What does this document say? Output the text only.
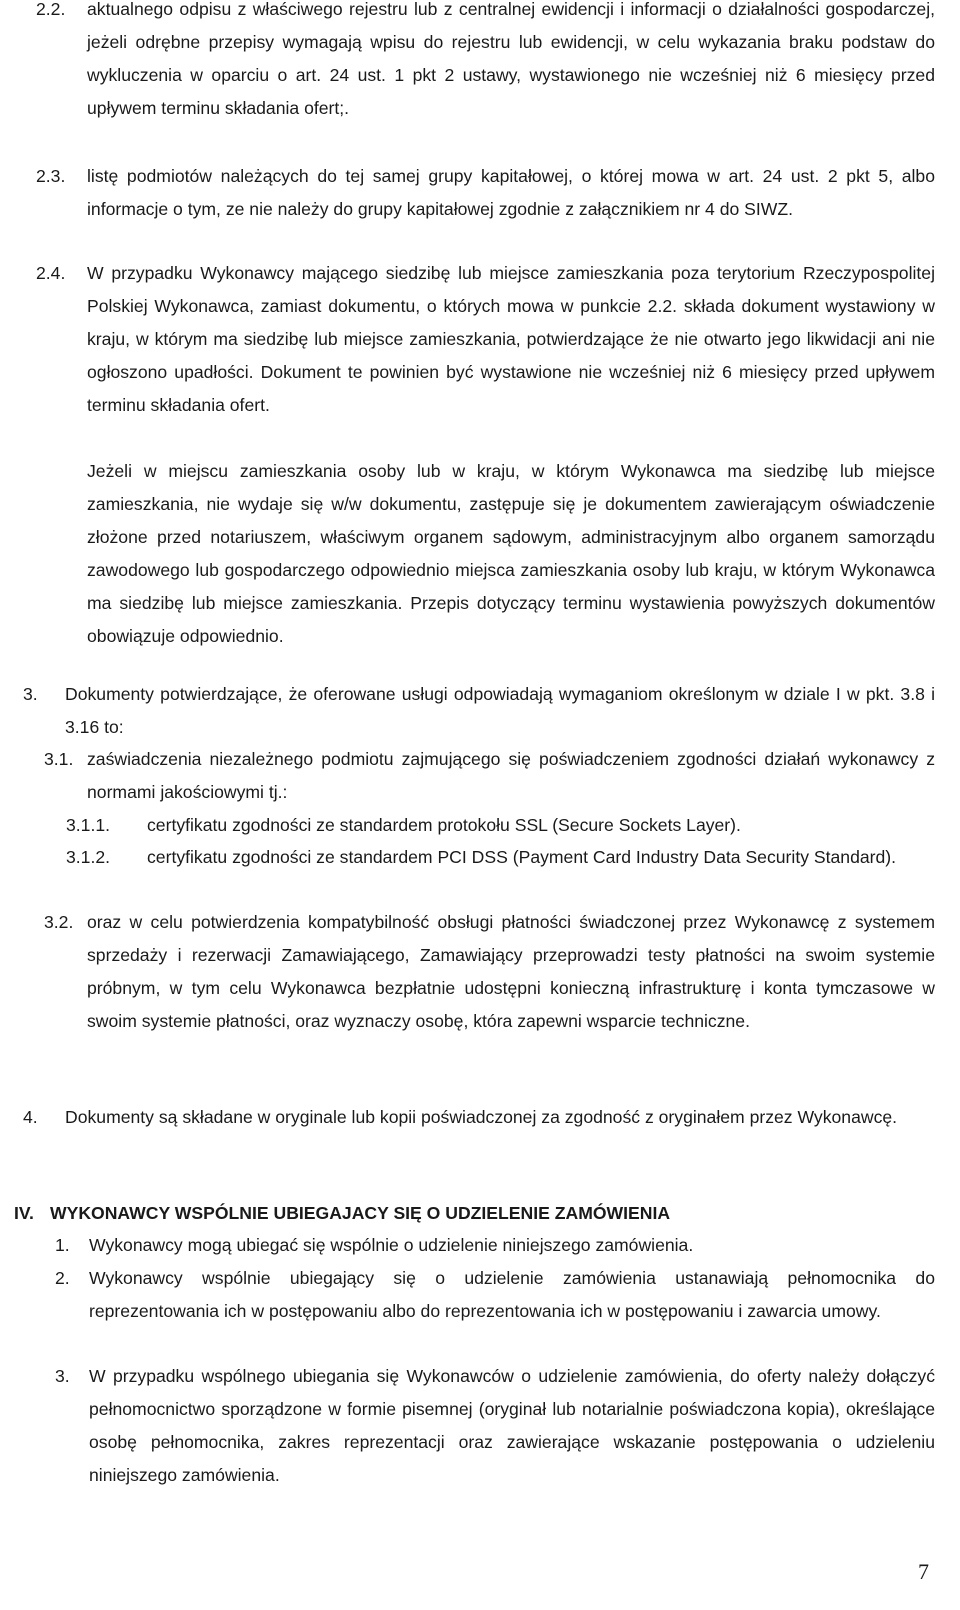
2.2. aktualnego odpisu z właściwego rejestru lub z centralnej ewidencji i informacji o działalności gospodarczej, jeżeli odrębne przepisy wymagają wpisu do rejestru lub ewidencji, w celu wykazania braku podstaw do wykluczenia w oparciu o art. 24 ust. 1 pkt 2 ustawy, wystawionego nie wcześniej niż 6 miesięcy przed upływem terminu składania ofert;.
2.3. listę podmiotów należących do tej samej grupy kapitałowej, o której mowa w art. 24 ust. 2 pkt 5, albo informacje o tym, ze nie należy do grupy kapitałowej zgodnie z załącznikiem nr 4 do SIWZ.
2.4. W przypadku Wykonawcy mającego siedzibę lub miejsce zamieszkania poza terytorium Rzeczypospolitej Polskiej Wykonawca, zamiast dokumentu, o których mowa w punkcie 2.2. składa dokument wystawiony w kraju, w którym ma siedzibę lub miejsce zamieszkania, potwierdzające że nie otwarto jego likwidacji ani nie ogłoszono upadłości. Dokument te powinien być wystawione nie wcześniej niż 6 miesięcy przed upływem terminu składania ofert.
Jeżeli w miejscu zamieszkania osoby lub w kraju, w którym Wykonawca ma siedzibę lub miejsce zamieszkania, nie wydaje się w/w dokumentu, zastępuje się je dokumentem zawierającym oświadczenie złożone przed notariuszem, właściwym organem sądowym, administracyjnym albo organem samorządu zawodowego lub gospodarczego odpowiednio miejsca zamieszkania osoby lub kraju, w którym Wykonawca ma siedzibę lub miejsce zamieszkania. Przepis dotyczący terminu wystawienia powyższych dokumentów obowiązuje odpowiednio.
3. Dokumenty potwierdzające, że oferowane usługi odpowiadają wymaganiom określonym w dziale I w pkt. 3.8 i 3.16 to:
3.1. zaświadczenia niezależnego podmiotu zajmującego się poświadczeniem zgodności działań wykonawcy z normami jakościowymi tj.:
3.1.1. certyfikatu zgodności ze standardem protokołu SSL (Secure Sockets Layer).
3.1.2. certyfikatu zgodności ze standardem PCI DSS (Payment Card Industry Data Security Standard).
3.2. oraz w celu potwierdzenia kompatybilność obsługi płatności świadczonej przez Wykonawcę z systemem sprzedaży i rezerwacji Zamawiającego, Zamawiający przeprowadzi testy płatności na swoim systemie próbnym, w tym celu Wykonawca bezpłatnie udostępni konieczną infrastrukturę i konta tymczasowe w swoim systemie płatności, oraz wyznaczy osobę, która zapewni wsparcie techniczne.
4. Dokumenty są składane w oryginale lub kopii poświadczonej za zgodność z oryginałem przez Wykonawcę.
IV. WYKONAWCY WSPÓLNIE UBIEGAJACY SIĘ O UDZIELENIE ZAMÓWIENIA
1. Wykonawcy mogą ubiegać się wspólnie o udzielenie niniejszego zamówienia.
2. Wykonawcy wspólnie ubiegający się o udzielenie zamówienia ustanawiają pełnomocnika do reprezentowania ich w postępowaniu albo do reprezentowania ich w postępowaniu i zawarcia umowy.
3. W przypadku wspólnego ubiegania się Wykonawców o udzielenie zamówienia, do oferty należy dołączyć pełnomocnictwo sporządzone w formie pisemnej (oryginał lub notarialnie poświadczona kopia), określające osobę pełnomocnika, zakres reprezentacji oraz zawierające wskazanie postępowania o udzieleniu niniejszego zamówienia.
7
